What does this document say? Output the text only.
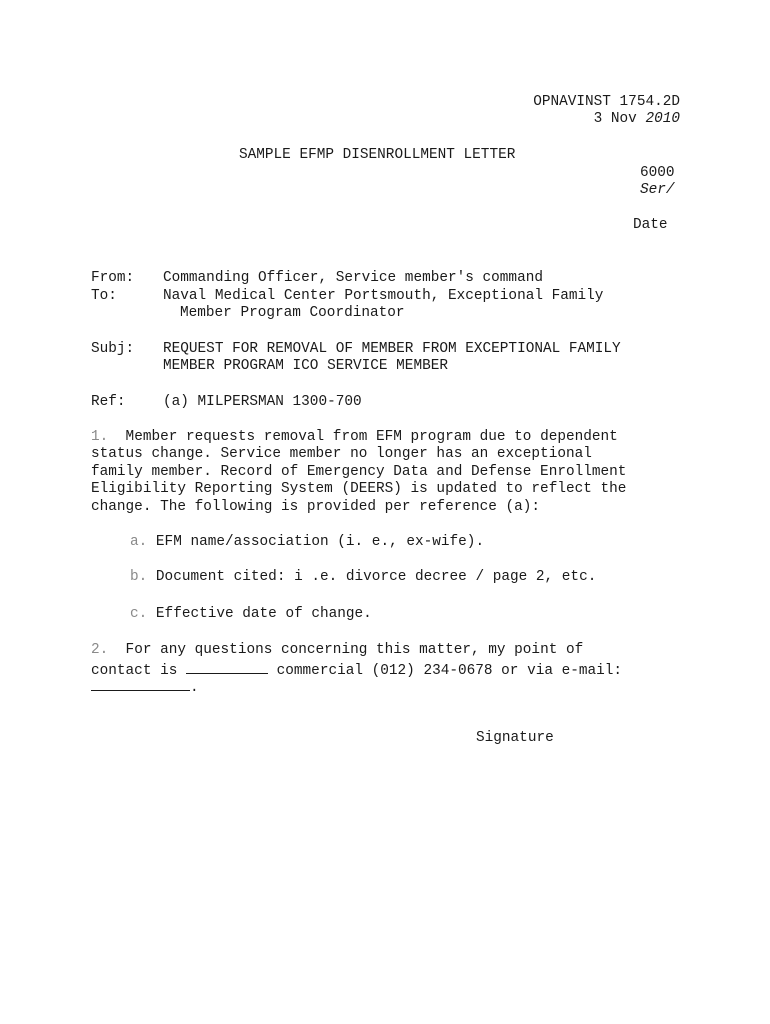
OPNAVINST 1754.2D
3 Nov 2010
SAMPLE EFMP DISENROLLMENT LETTER
6000
Ser/
Date
From: Commanding Officer, Service member's command
To:	Naval Medical Center Portsmouth, Exceptional Family
Member Program Coordinator
Subj: REQUEST FOR REMOVAL OF MEMBER FROM EXCEPTIONAL FAMILY
MEMBER PROGRAM ICO SERVICE MEMBER
Ref:	(a) MILPERSMAN 1300-700
1.  Member requests removal from EFM program due to dependent
status change. Service member no longer has an exceptional
family member. Record of Emergency Data and Defense Enrollment
Eligibility Reporting System (DEERS) is updated to reflect the
change. The following is provided per reference (a):
a. EFM name/association (i. e., ex-wife).
b. Document cited: i .e. divorce decree / page 2, etc.
c. Effective date of change.
2.  For any questions concerning this matter, my point of
contact is	commercial (012) 234-0678 or via e-mail:
.
Signature
